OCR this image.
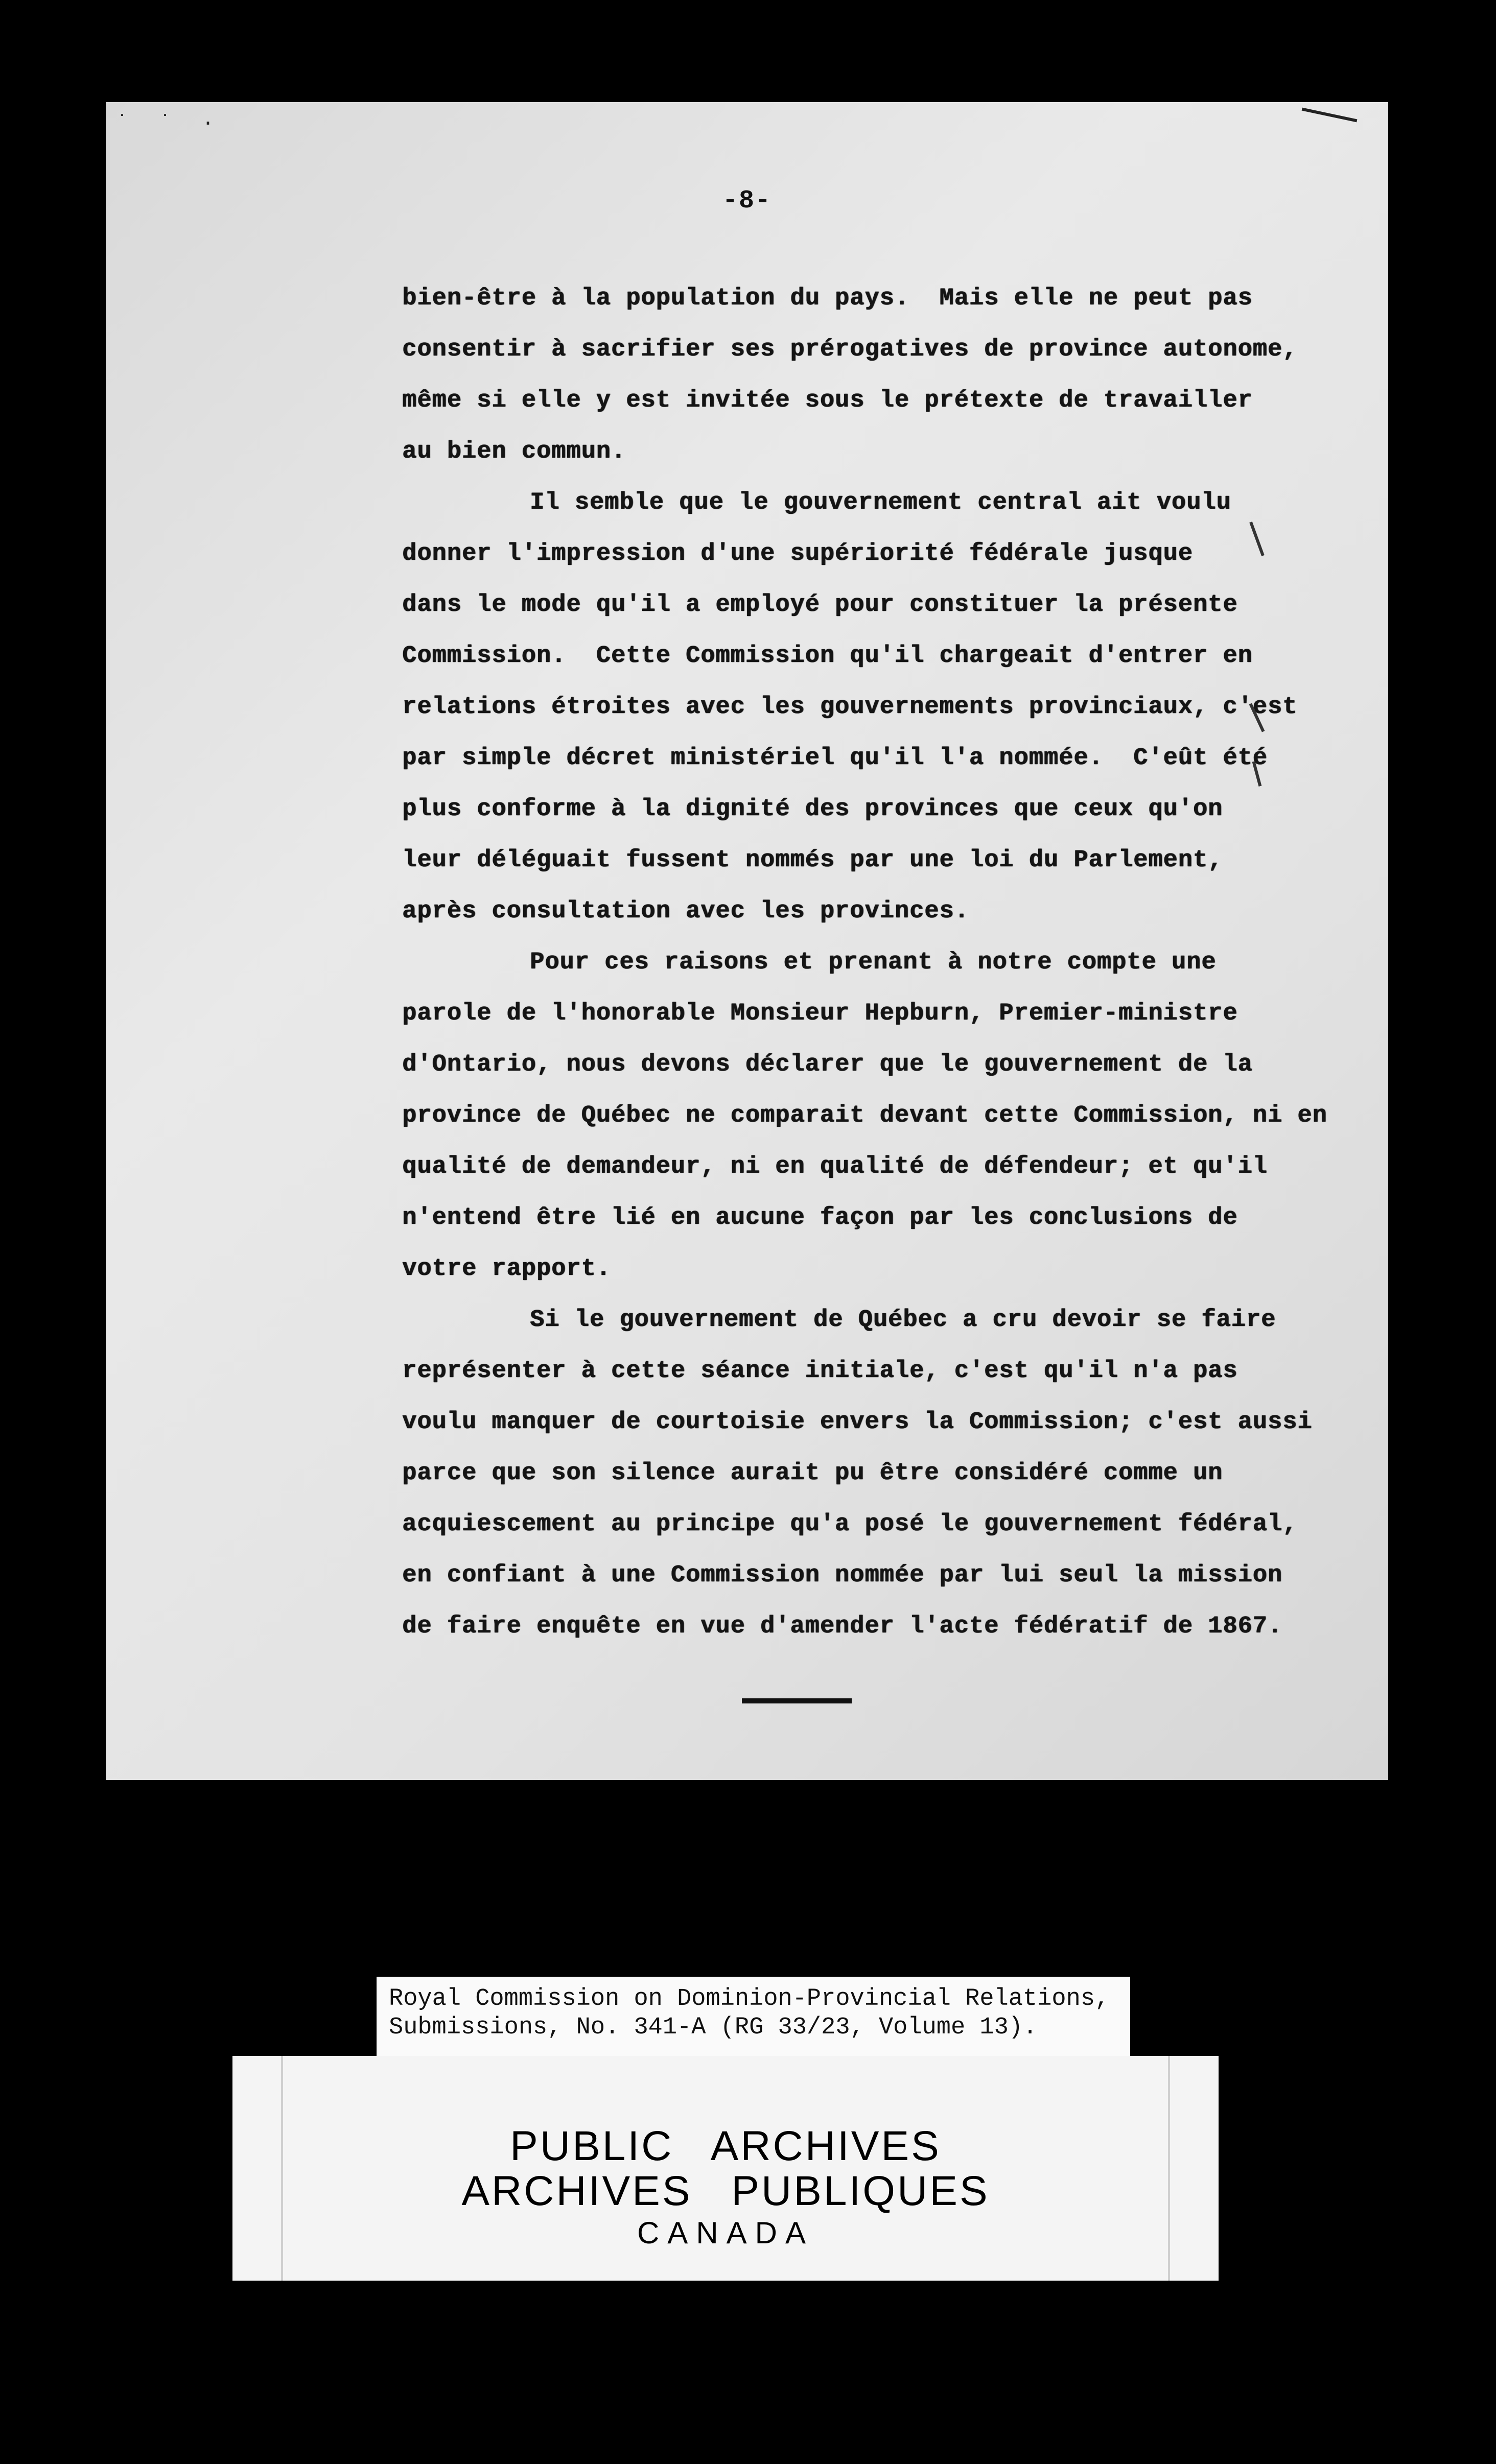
˙ ˙ ·
-8-
bien-être à la population du pays.  Mais elle ne peut pas
consentir à sacrifier ses prérogatives de province autonome,
même si elle y est invitée sous le prétexte de travailler
au bien commun.
Il semble que le gouvernement central ait voulu
donner l'impression d'une supériorité fédérale jusque
dans le mode qu'il a employé pour constituer la présente
Commission.  Cette Commission qu'il chargeait d'entrer en
relations étroites avec les gouvernements provinciaux, c'est
par simple décret ministériel qu'il l'a nommée.  C'eût été
plus conforme à la dignité des provinces que ceux qu'on
leur déléguait fussent nommés par une loi du Parlement,
après consultation avec les provinces.
Pour ces raisons et prenant à notre compte une
parole de l'honorable Monsieur Hepburn, Premier-ministre
d'Ontario, nous devons déclarer que le gouvernement de la
province de Québec ne comparait devant cette Commission, ni en
qualité de demandeur, ni en qualité de défendeur; et qu'il
n'entend être lié en aucune façon par les conclusions de
votre rapport.
Si le gouvernement de Québec a cru devoir se faire
représenter à cette séance initiale, c'est qu'il n'a pas
voulu manquer de courtoisie envers la Commission; c'est aussi
parce que son silence aurait pu être considéré comme un
acquiescement au principe qu'a posé le gouvernement fédéral,
en confiant à une Commission nommée par lui seul la mission
de faire enquête en vue d'amender l'acte fédératif de 1867.
Royal Commission on Dominion-Provincial Relations,
Submissions, No. 341-A (RG 33/23, Volume 13).
PUBLIC ARCHIVES
ARCHIVES PUBLIQUES
CANADA
